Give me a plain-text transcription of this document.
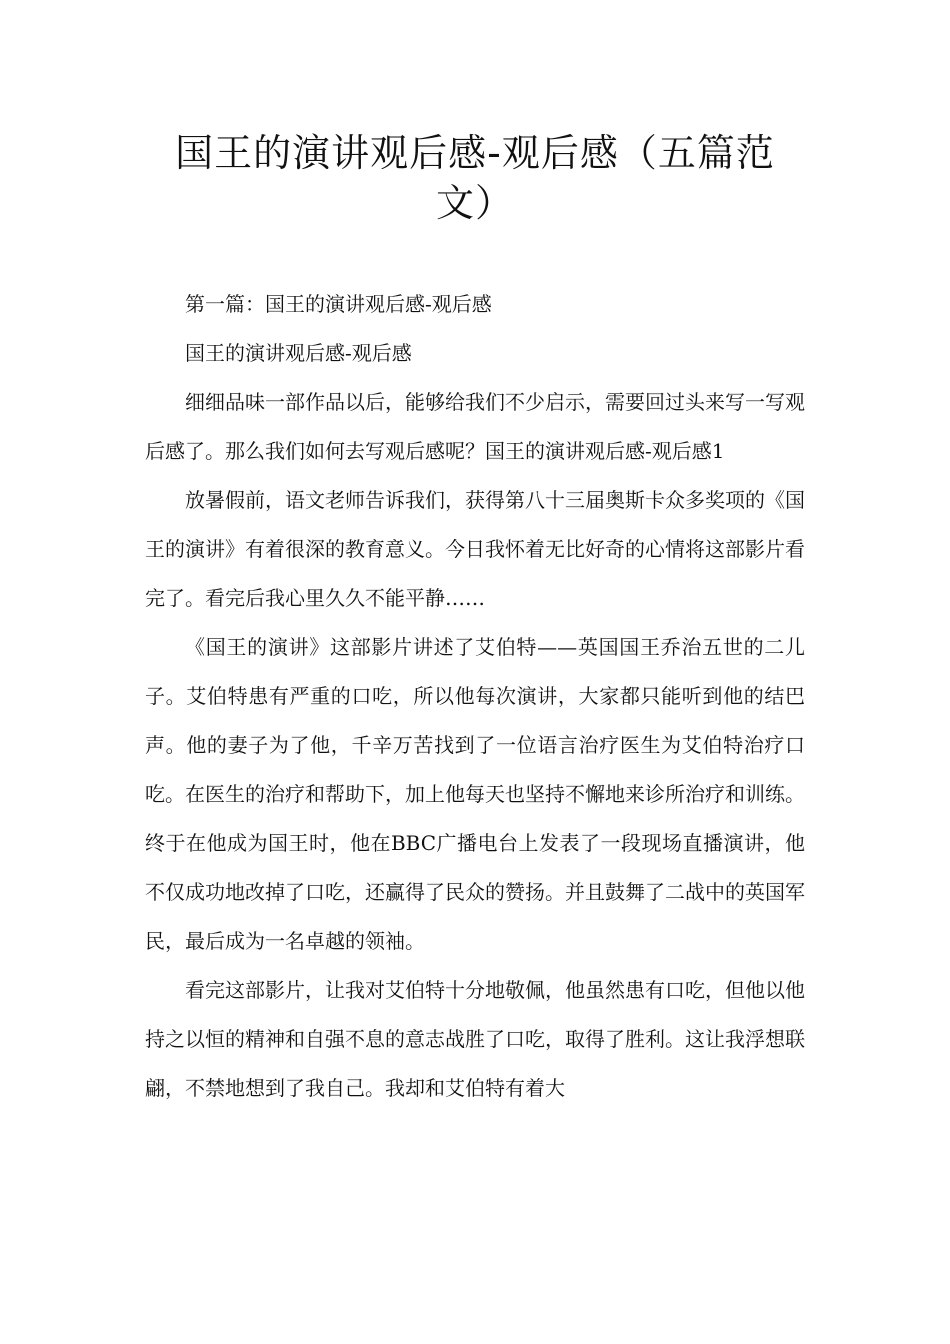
国王的演讲观后感-观后感（五篇范文）

第一篇：国王的演讲观后感-观后感

国王的演讲观后感-观后感

细细品味一部作品以后，能够给我们不少启示，需要回过头来写一写观后感了。那么我们如何去写观后感呢？国王的演讲观后感-观后感1

放暑假前，语文老师告诉我们，获得第八十三届奥斯卡众多奖项的《国王的演讲》有着很深的教育意义。今日我怀着无比好奇的心情将这部影片看完了。看完后我心里久久不能平静……

《国王的演讲》这部影片讲述了艾伯特——英国国王乔治五世的二儿子。艾伯特患有严重的口吃，所以他每次演讲，大家都只能听到他的结巴声。他的妻子为了他，千辛万苦找到了一位语言治疗医生为艾伯特治疗口吃。在医生的治疗和帮助下，加上他每天也坚持不懈地来诊所治疗和训练。终于在他成为国王时，他在BBC广播电台上发表了一段现场直播演讲，他不仅成功地改掉了口吃，还赢得了民众的赞扬。并且鼓舞了二战中的英国军民，最后成为一名卓越的领袖。

看完这部影片，让我对艾伯特十分地敬佩，他虽然患有口吃，但他以他持之以恒的精神和自强不息的意志战胜了口吃，取得了胜利。这让我浮想联翩，不禁地想到了我自己。我却和艾伯特有着大
